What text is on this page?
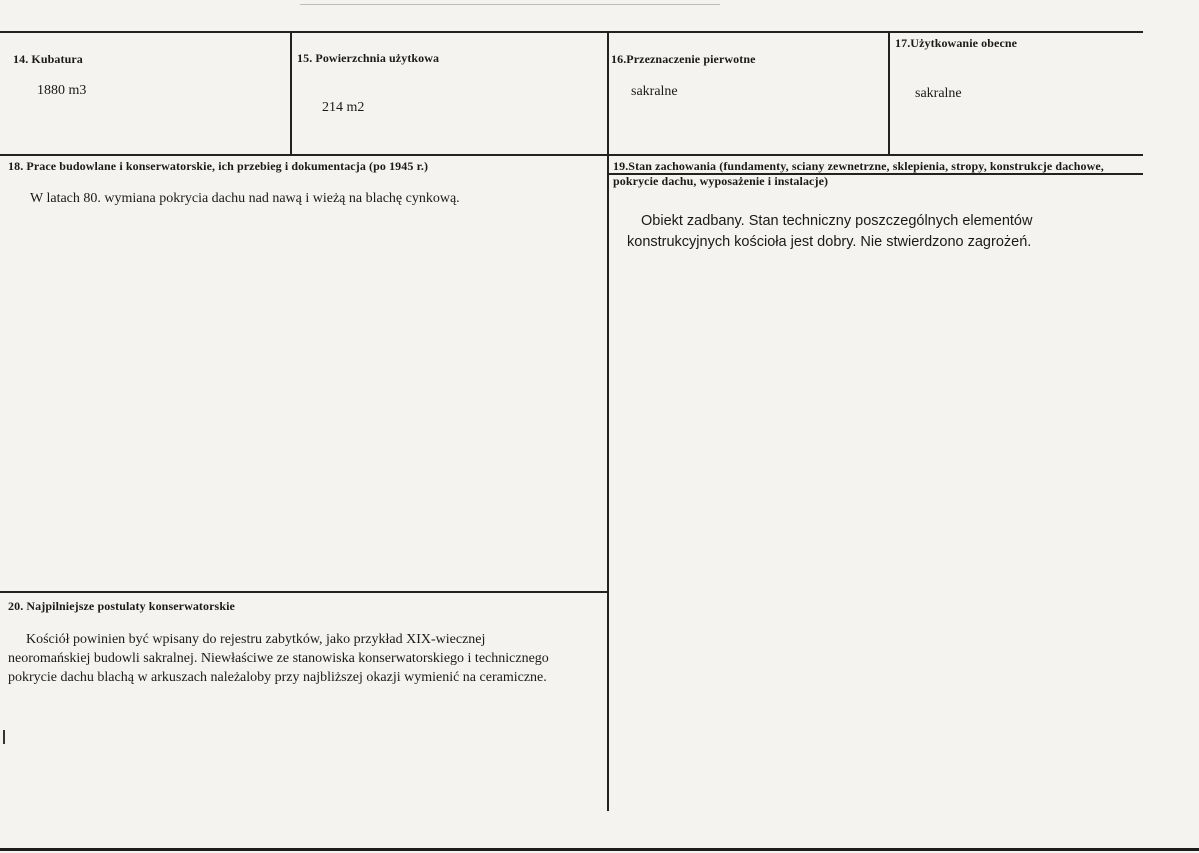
14. Kubatura
1880 m3
15. Powierzchnia użytkowa
214 m2
16.Przeznaczenie pierwotne
sakralne
17.Użytkowanie obecne
sakralne
18. Prace budowlane i konserwatorskie, ich przebieg i dokumentacja (po 1945 r.)
W latach 80. wymiana pokrycia dachu nad nawą i wieżą na blachę cynkową.
19.Stan zachowania (fundamenty, sciany zewnetrzne, sklepienia, stropy, konstrukcje dachowe, pokrycie dachu, wyposażenie i instalacje)
Obiekt zadbany. Stan techniczny poszczególnych elementów konstrukcyjnych kościoła jest dobry. Nie stwierdzono zagrożeń.
20. Najpilniejsze postulaty konserwatorskie
Kościół powinien być wpisany do rejestru zabytków, jako przykład XIX-wiecznej neoromańskiej budowli sakralnej. Niewłaściwe ze stanowiska konserwatorskiego i technicznego pokrycie dachu blachą w arkuszach należaloby przy najbliższej okazji wymienić na ceramiczne.
